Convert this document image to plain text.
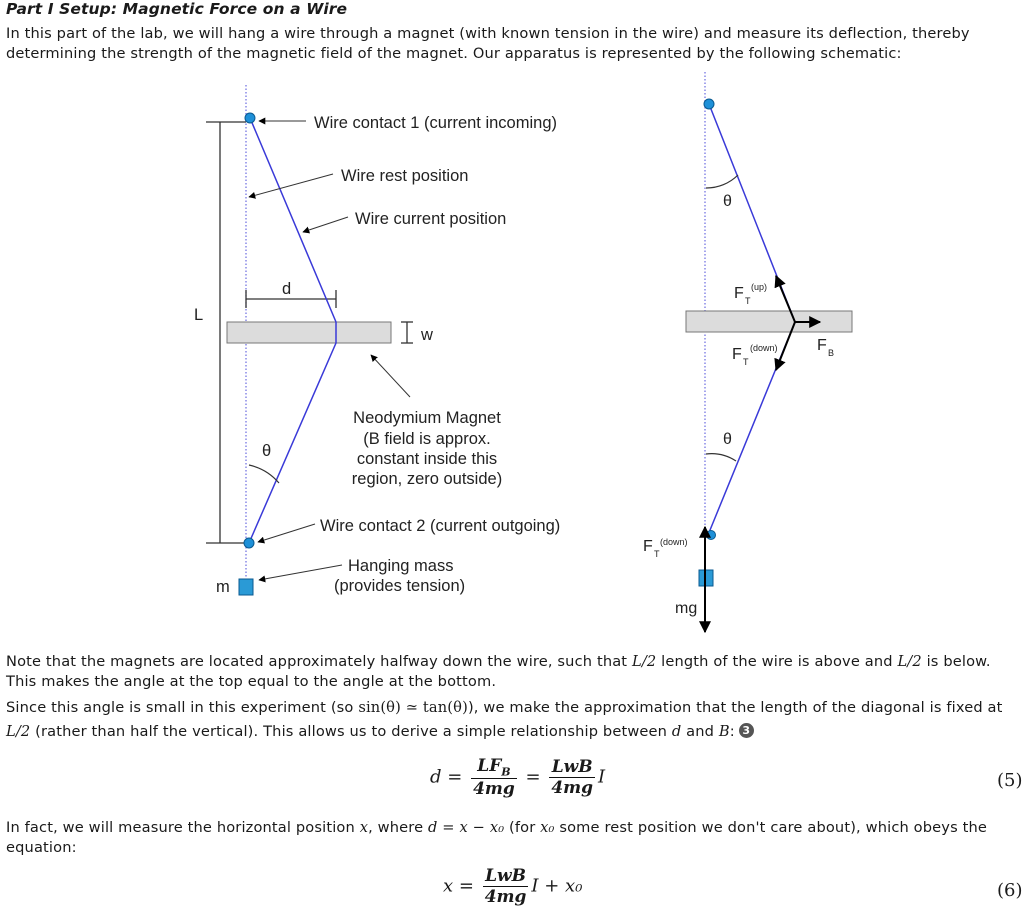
Part I Setup: Magnetic Force on a Wire
In this part of the lab, we will hang a wire through a magnet (with known tension in the wire) and measure its deflection, thereby determining the strength of the magnetic field of the magnet. Our apparatus is represented by the following schematic:
L
w
d
m
θ
Wire contact 1 (current incoming)
Wire rest position
Wire current position
Neodymium Magnet
(B field is approx.
constant inside this
region, zero outside)
Wire contact 2 (current outgoing)
Hanging mass
(provides tension)
θ
θ
F T
(up)
F T
(down) F B
F T
(down)
mg
Note that the magnets are located approximately halfway down the wire, such that L/2 length of the wire is above and L/2 is below. This makes the angle at the top equal to the angle at the bottom.
Since this angle is small in this experiment (so sin(θ) ≃ tan(θ)), we make the approximation that the length of the diagonal is fixed at L/2 (rather than half the vertical). This allows us to derive a simple relationship between d and B: 3
$d = \frac{LF_B}{4mg} = \frac{\text{LwB}}{4mg}$ I	(5)
In fact, we will measure the horizontal position x, where d = x − x₀ (for x₀ some rest position we don't care about), which obeys the equation:
$x = \frac{\text{LwB}}{4mg}$ I + x₀	(6)
